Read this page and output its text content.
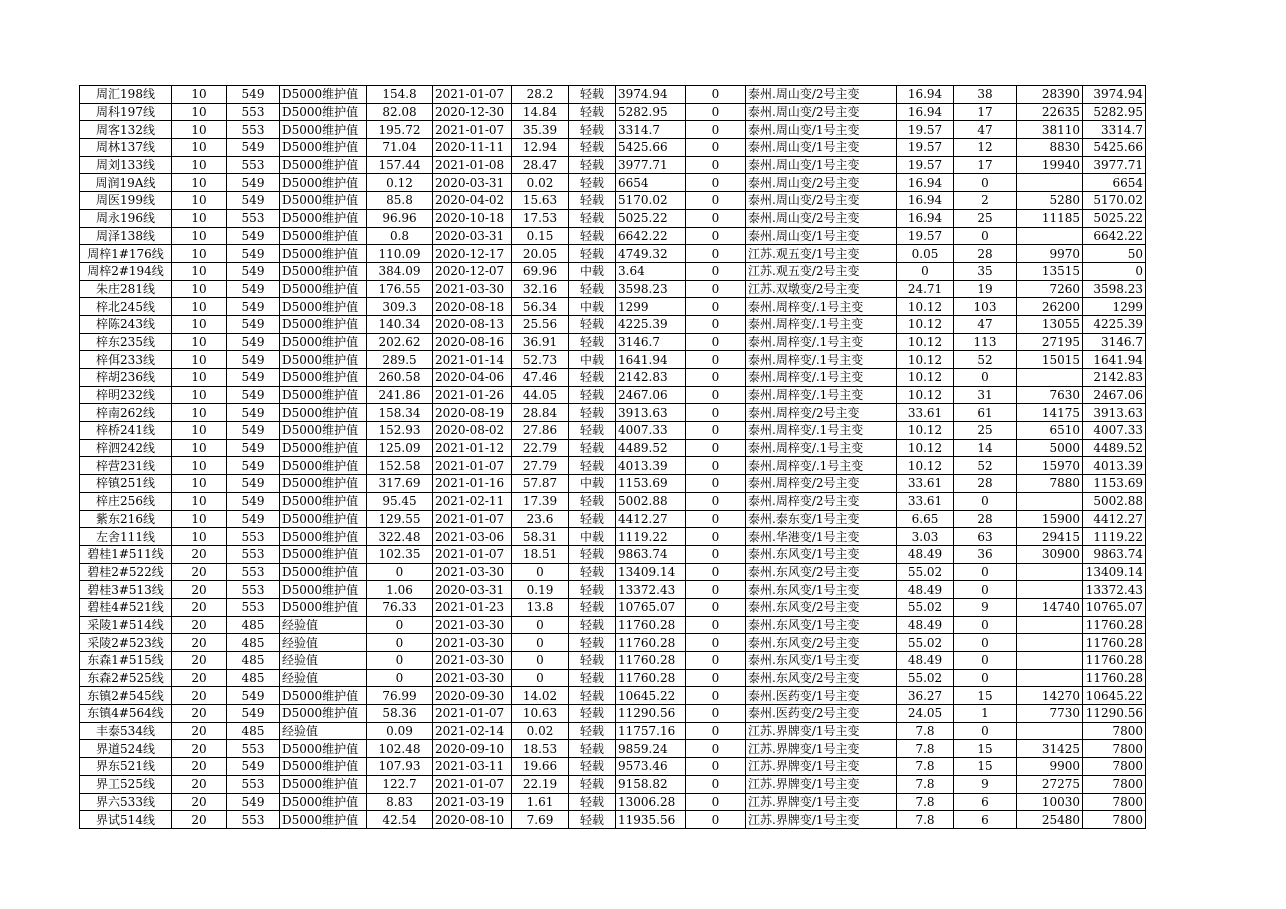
周汇198线	10	549	D5000维护值	154.8	2021-01-07	28.2	轻载	3974.94	0	泰州.周山变/2号主变	16.94	38	28390	3974.94
周科197线	10	553	D5000维护值	82.08	2020-12-30	14.84	轻载	5282.95	0	泰州.周山变/2号主变	16.94	17	22635	5282.95
周客132线	10	553	D5000维护值	195.72	2021-01-07	35.39	轻载	3314.7	0	泰州.周山变/1号主变	19.57	47	38110	3314.7
周林137线	10	549	D5000维护值	71.04	2020-11-11	12.94	轻载	5425.66	0	泰州.周山变/1号主变	19.57	12	8830	5425.66
周刘133线	10	553	D5000维护值	157.44	2021-01-08	28.47	轻载	3977.71	0	泰州.周山变/1号主变	19.57	17	19940	3977.71
周润19A线	10	549	D5000维护值	0.12	2020-03-31	0.02	轻载	6654	0	泰州.周山变/2号主变	16.94	0		6654
周医199线	10	549	D5000维护值	85.8	2020-04-02	15.63	轻载	5170.02	0	泰州.周山变/2号主变	16.94	2	5280	5170.02
周永196线	10	553	D5000维护值	96.96	2020-10-18	17.53	轻载	5025.22	0	泰州.周山变/2号主变	16.94	25	11185	5025.22
周泽138线	10	549	D5000维护值	0.8	2020-03-31	0.15	轻载	6642.22	0	泰州.周山变/1号主变	19.57	0		6642.22
周梓1#176线	10	549	D5000维护值	110.09	2020-12-17	20.05	轻载	4749.32	0	江苏.观五变/1号主变	0.05	28	9970	50
周梓2#194线	10	549	D5000维护值	384.09	2020-12-07	69.96	中载	3.64	0	江苏.观五变/2号主变	0	35	13515	0
朱庄281线	10	549	D5000维护值	176.55	2021-03-30	32.16	轻载	3598.23	0	江苏.双墩变/2号主变	24.71	19	7260	3598.23
梓北245线	10	549	D5000维护值	309.3	2020-08-18	56.34	中载	1299	0	泰州.周梓变/.1号主变	10.12	103	26200	1299
梓陈243线	10	549	D5000维护值	140.34	2020-08-13	25.56	轻载	4225.39	0	泰州.周梓变/.1号主变	10.12	47	13055	4225.39
梓东235线	10	549	D5000维护值	202.62	2020-08-16	36.91	轻载	3146.7	0	泰州.周梓变/.1号主变	10.12	113	27195	3146.7
梓佴233线	10	549	D5000维护值	289.5	2021-01-14	52.73	中载	1641.94	0	泰州.周梓变/.1号主变	10.12	52	15015	1641.94
梓胡236线	10	549	D5000维护值	260.58	2020-04-06	47.46	轻载	2142.83	0	泰州.周梓变/.1号主变	10.12	0		2142.83
梓明232线	10	549	D5000维护值	241.86	2021-01-26	44.05	轻载	2467.06	0	泰州.周梓变/.1号主变	10.12	31	7630	2467.06
梓南262线	10	549	D5000维护值	158.34	2020-08-19	28.84	轻载	3913.63	0	泰州.周梓变/2号主变	33.61	61	14175	3913.63
梓桥241线	10	549	D5000维护值	152.93	2020-08-02	27.86	轻载	4007.33	0	泰州.周梓变/.1号主变	10.12	25	6510	4007.33
梓泗242线	10	549	D5000维护值	125.09	2021-01-12	22.79	轻载	4489.52	0	泰州.周梓变/.1号主变	10.12	14	5000	4489.52
梓营231线	10	549	D5000维护值	152.58	2021-01-07	27.79	轻载	4013.39	0	泰州.周梓变/.1号主变	10.12	52	15970	4013.39
梓镇251线	10	549	D5000维护值	317.69	2021-01-16	57.87	中载	1153.69	0	泰州.周梓变/2号主变	33.61	28	7880	1153.69
梓庄256线	10	549	D5000维护值	95.45	2021-02-11	17.39	轻载	5002.88	0	泰州.周梓变/2号主变	33.61	0		5002.88
紫东216线	10	549	D5000维护值	129.55	2021-01-07	23.6	轻载	4412.27	0	泰州.泰东变/1号主变	6.65	28	15900	4412.27
左舍111线	10	553	D5000维护值	322.48	2021-03-06	58.31	中载	1119.22	0	泰州.华港变/1号主变	3.03	63	29415	1119.22
碧桂1#511线	20	553	D5000维护值	102.35	2021-01-07	18.51	轻载	9863.74	0	泰州.东风变/1号主变	48.49	36	30900	9863.74
碧桂2#522线	20	553	D5000维护值	0	2021-03-30	0	轻载	13409.14	0	泰州.东风变/2号主变	55.02	0		13409.14
碧桂3#513线	20	553	D5000维护值	1.06	2020-03-31	0.19	轻载	13372.43	0	泰州.东风变/1号主变	48.49	0		13372.43
碧桂4#521线	20	553	D5000维护值	76.33	2021-01-23	13.8	轻载	10765.07	0	泰州.东风变/2号主变	55.02	9	14740	10765.07
采陵1#514线	20	485	经验值	0	2021-03-30	0	轻载	11760.28	0	泰州.东风变/1号主变	48.49	0		11760.28
采陵2#523线	20	485	经验值	0	2021-03-30	0	轻载	11760.28	0	泰州.东风变/2号主变	55.02	0		11760.28
东森1#515线	20	485	经验值	0	2021-03-30	0	轻载	11760.28	0	泰州.东风变/1号主变	48.49	0		11760.28
东森2#525线	20	485	经验值	0	2021-03-30	0	轻载	11760.28	0	泰州.东风变/2号主变	55.02	0		11760.28
东镇2#545线	20	549	D5000维护值	76.99	2020-09-30	14.02	轻载	10645.22	0	泰州.医药变/1号主变	36.27	15	14270	10645.22
东镇4#564线	20	549	D5000维护值	58.36	2021-01-07	10.63	轻载	11290.56	0	泰州.医药变/2号主变	24.05	1	7730	11290.56
丰泰534线	20	485	经验值	0.09	2021-02-14	0.02	轻载	11757.16	0	江苏.界牌变/1号主变	7.8	0		7800
界道524线	20	553	D5000维护值	102.48	2020-09-10	18.53	轻载	9859.24	0	江苏.界牌变/1号主变	7.8	15	31425	7800
界东521线	20	549	D5000维护值	107.93	2021-03-11	19.66	轻载	9573.46	0	江苏.界牌变/1号主变	7.8	15	9900	7800
界工525线	20	553	D5000维护值	122.7	2021-01-07	22.19	轻载	9158.82	0	江苏.界牌变/1号主变	7.8	9	27275	7800
界六533线	20	549	D5000维护值	8.83	2021-03-19	1.61	轻载	13006.28	0	江苏.界牌变/1号主变	7.8	6	10030	7800
界试514线	20	553	D5000维护值	42.54	2020-08-10	7.69	轻载	11935.56	0	江苏.界牌变/1号主变	7.8	6	25480	7800
